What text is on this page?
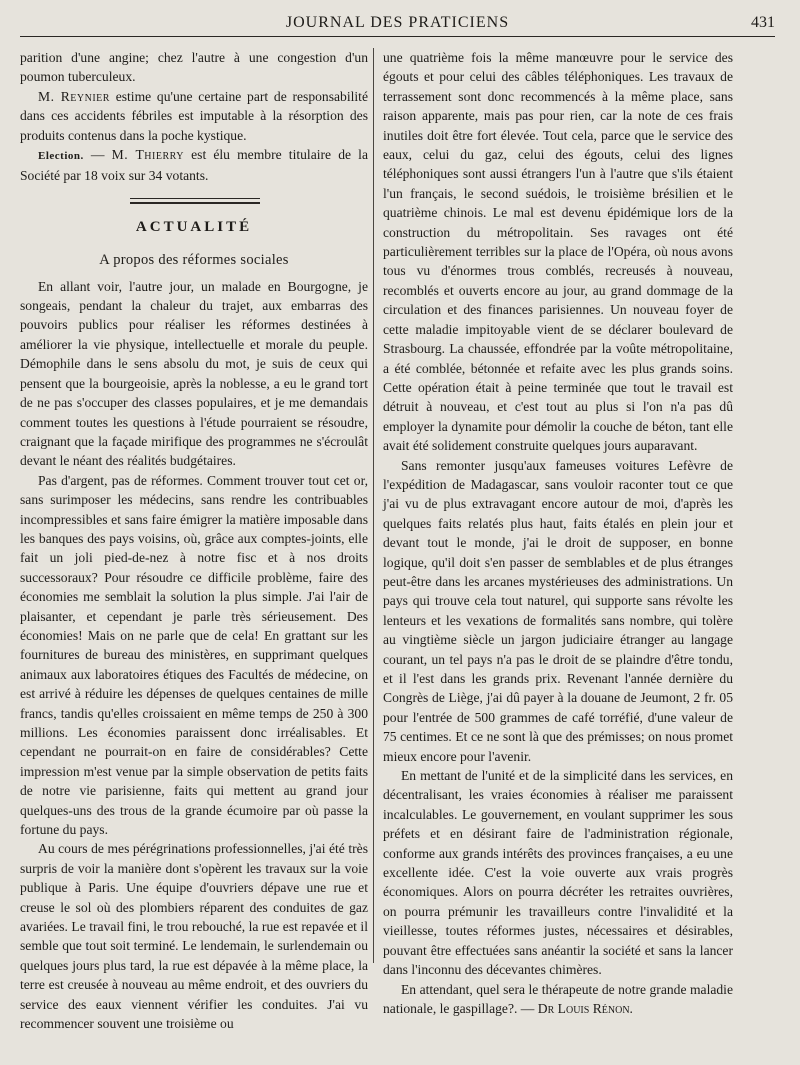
JOURNAL DES PRATICIENS	431

parition d'une angine; chez l'autre à une congestion d'un poumon tuberculeux.

M. Reynier estime qu'une certaine part de responsabilité dans ces accidents fébriles est imputable à la résorption des produits contenus dans la poche kystique.

Election. — M. Thierry est élu membre titulaire de la Société par 18 voix sur 34 votants.

ACTUALITÉ
A propos des réformes sociales

En allant voir, l'autre jour, un malade en Bourgogne, je songeais, pendant la chaleur du trajet, aux embarras des pouvoirs publics pour réaliser les réformes destinées à améliorer la vie physique, intellectuelle et morale du peuple. Démophile dans le sens absolu du mot, je suis de ceux qui pensent que la bourgeoisie, après la noblesse, a eu le grand tort de ne pas s'occuper des classes populaires, et je me demandais comment toutes les questions à l'étude pourraient se résoudre, craignant que la façade mirifique des programmes ne s'écroulât devant le néant des réalités budgétaires.

Pas d'argent, pas de réformes. Comment trouver tout cet or, sans surimposer les médecins, sans rendre les contribuables incompressibles et sans faire émigrer la matière imposable dans les banques des pays voisins, où, grâce aux comptes-joints, elle fait un joli pied-de-nez à notre fisc et à nos droits successoraux? Pour résoudre ce difficile problème, faire des économies me semblait la solution la plus simple. J'ai l'air de plaisanter, et cependant je parle très sérieusement. Des économies! Mais on ne parle que de cela! En grattant sur les fournitures de bureau des ministères, en supprimant quelques animaux aux laboratoires étiques des Facultés de médecine, on est arrivé à réduire les dépenses de quelques centaines de mille francs, tandis qu'elles croissaient en même temps de 250 à 300 millions. Les économies paraissent donc irréalisables. Et cependant ne pourrait-on en faire de considérables? Cette impression m'est venue par la simple observation de petits faits de notre vie parisienne, faits qui mettent au grand jour quelques-uns des trous de la grande écumoire par où passe la fortune du pays.

Au cours de mes pérégrinations professionnelles, j'ai été très surpris de voir la manière dont s'opèrent les travaux sur la voie publique à Paris. Une équipe d'ouvriers dépave une rue et creuse le sol où des plombiers réparent des conduites de gaz avariées. Le travail fini, le trou rebouché, la rue est repavée et il semble que tout soit terminé. Le lendemain, le surlendemain ou quelques jours plus tard, la rue est dépavée à la même place, la terre est creusée à nouveau au même endroit, et des ouvriers du service des eaux viennent vérifier les conduites. J'ai vu recommencer souvent une troisième ou

une quatrième fois la même manœuvre pour le service des égouts et pour celui des câbles téléphoniques. Les travaux de terrassement sont donc recommencés à la même place, sans raison apparente, mais pas pour rien, car la note de ces frais inutiles doit être fort élevée. Tout cela, parce que le service des eaux, celui du gaz, celui des égouts, celui des lignes téléphoniques sont aussi étrangers l'un à l'autre que s'ils étaient l'un français, le second suédois, le troisième brésilien et le quatrième chinois. Le mal est devenu épidémique lors de la construction du métropolitain. Ses ravages ont été particulièrement terribles sur la place de l'Opéra, où nous avons tous vu d'énormes trous comblés, recreusés à nouveau, recomblés et ouverts encore au jour, au grand dommage de la circulation et des finances parisiennes. Un nouveau foyer de cette maladie impitoyable vient de se déclarer boulevard de Strasbourg. La chaussée, effondrée par la voûte métropolitaine, a été comblée, bétonnée et refaite avec les plus grands soins. Cette opération était à peine terminée que tout le travail est détruit à nouveau, et c'est tout au plus si l'on n'a pas dû employer la dynamite pour démolir la couche de béton, tant elle avait été solidement construite quelques jours auparavant.

Sans remonter jusqu'aux fameuses voitures Lefèvre de l'expédition de Madagascar, sans vouloir raconter tout ce que j'ai vu de plus extravagant encore autour de moi, d'après les quelques faits relatés plus haut, faits étalés en plein jour et devant tout le monde, j'ai le droit de supposer, en bonne logique, qu'il doit s'en passer de semblables et de plus étranges peut-être dans les arcanes mystérieuses des administrations. Un pays qui trouve cela tout naturel, qui supporte sans révolte les lenteurs et les vexations de formalités sans nombre, qui tolère au vingtième siècle un jargon judiciaire étranger au langage courant, un tel pays n'a pas le droit de se plaindre d'être tondu, et il l'est dans les grands prix. Revenant l'année dernière du Congrès de Liège, j'ai dû payer à la douane de Jeumont, 2 fr. 05 pour l'entrée de 500 grammes de café torréfié, d'une valeur de 75 centimes. Et ce ne sont là que des prémisses; on nous promet mieux encore pour l'avenir.

En mettant de l'unité et de la simplicité dans les services, en décentralisant, les vraies économies à réaliser me paraissent incalculables. Le gouvernement, en voulant supprimer les sous préfets et en désirant faire de l'administration régionale, conforme aux grands intérêts des provinces françaises, a eu une excellente idée. C'est la voie ouverte aux vrais progrès économiques. Alors on pourra décréter les retraites ouvrières, on pourra prémunir les travailleurs contre l'invalidité et la vieillesse, toutes réformes justes, nécessaires et désirables, pouvant être effectuées sans anéantir la société et sans la lancer dans l'inconnu des décevantes chimères.

En attendant, quel sera le thérapeute de notre grande maladie nationale, le gaspillage?. — Dr Louis Rénon.
